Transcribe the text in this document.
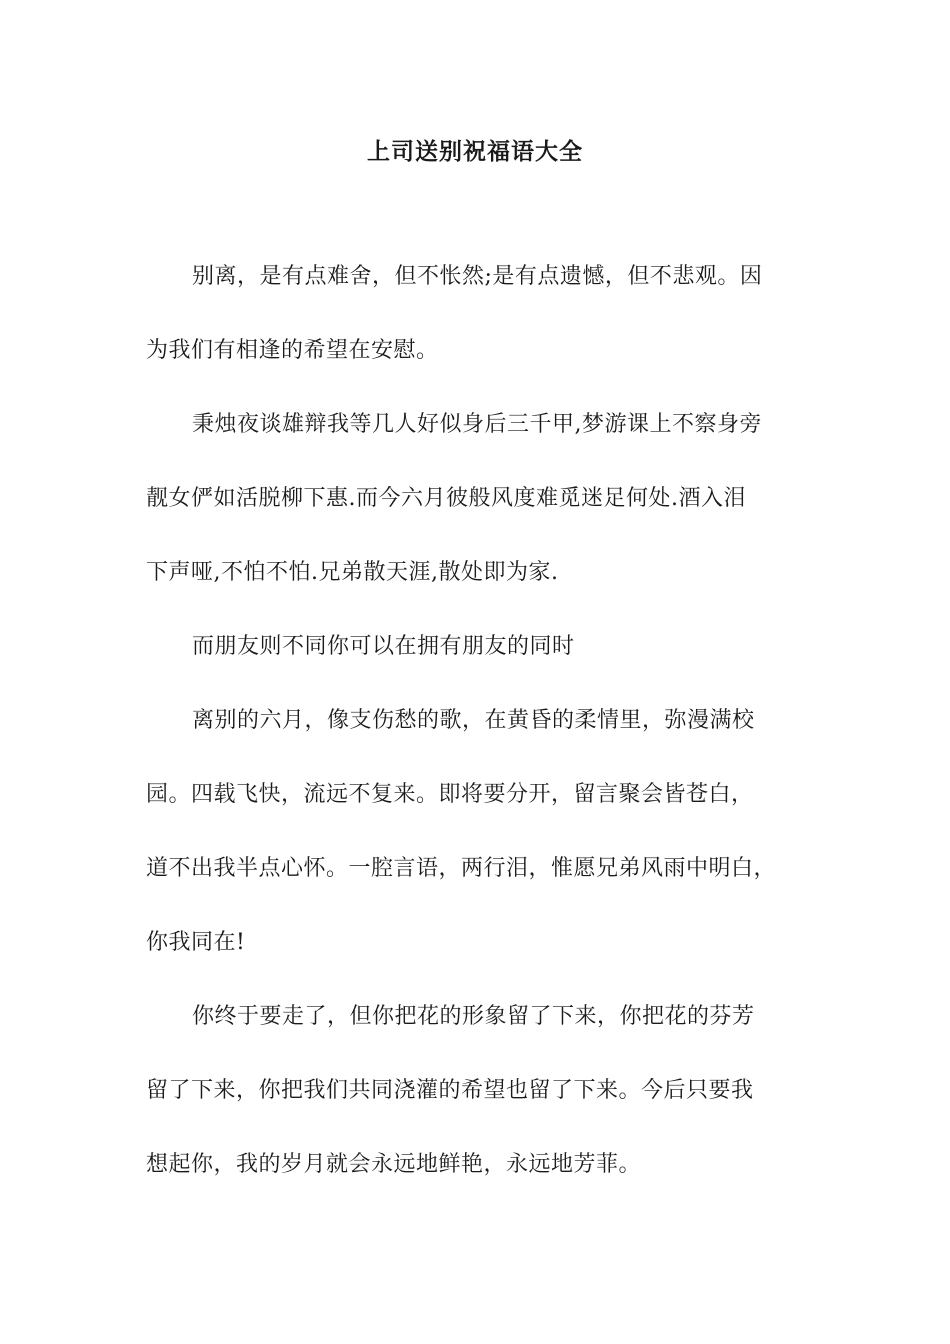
上司送别祝福语大全

别离，是有点难舍，但不怅然;是有点遗憾，但不悲观。因
为我们有相逢的希望在安慰。

秉烛夜谈雄辩我等几人好似身后三千甲,梦游课上不察身旁
靓女俨如活脱柳下惠.而今六月彼般风度难觅迷足何处.酒入泪
下声哑,不怕不怕.兄弟散天涯,散处即为家.

而朋友则不同你可以在拥有朋友的同时

离别的六月，像支伤愁的歌，在黄昏的柔情里，弥漫满校
园。四载飞快，流远不复来。即将要分开，留言聚会皆苍白，
道不出我半点心怀。一腔言语，两行泪，惟愿兄弟风雨中明白，
你我同在!

你终于要走了，但你把花的形象留了下来，你把花的芬芳
留了下来，你把我们共同浇灌的希望也留了下来。今后只要我
想起你，我的岁月就会永远地鲜艳，永远地芳菲。
